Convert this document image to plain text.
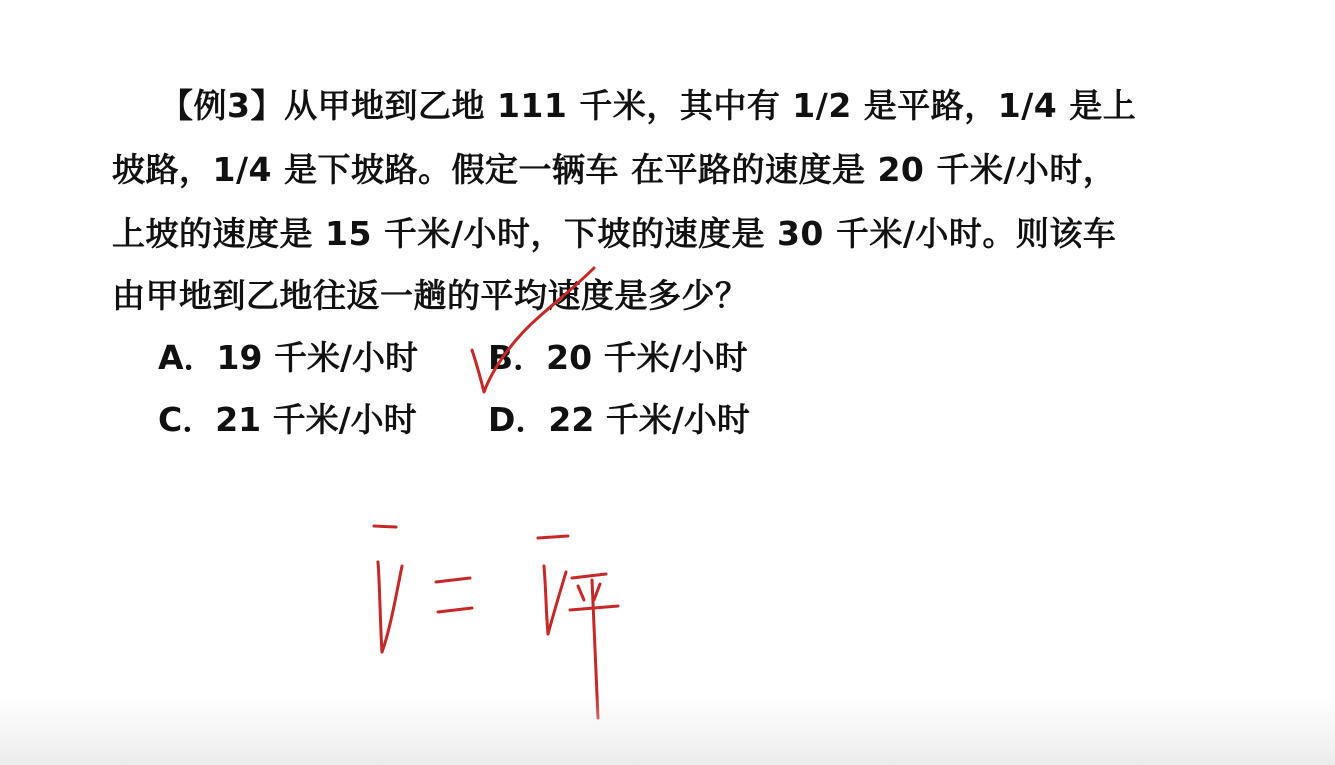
【例3】从甲地到乙地 111 千米，其中有 1/2 是平路，1/4 是上
坡路，1/4 是下坡路。假定一辆车 在平路的速度是 20 千米/小时，
上坡的速度是 15 千米/小时，下坡的速度是 30 千米/小时。则该车
由甲地到乙地往返一趟的平均速度是多少？
A．19 千米/小时 B．20 千米/小时
C．21 千米/小时 D．22 千米/小时
